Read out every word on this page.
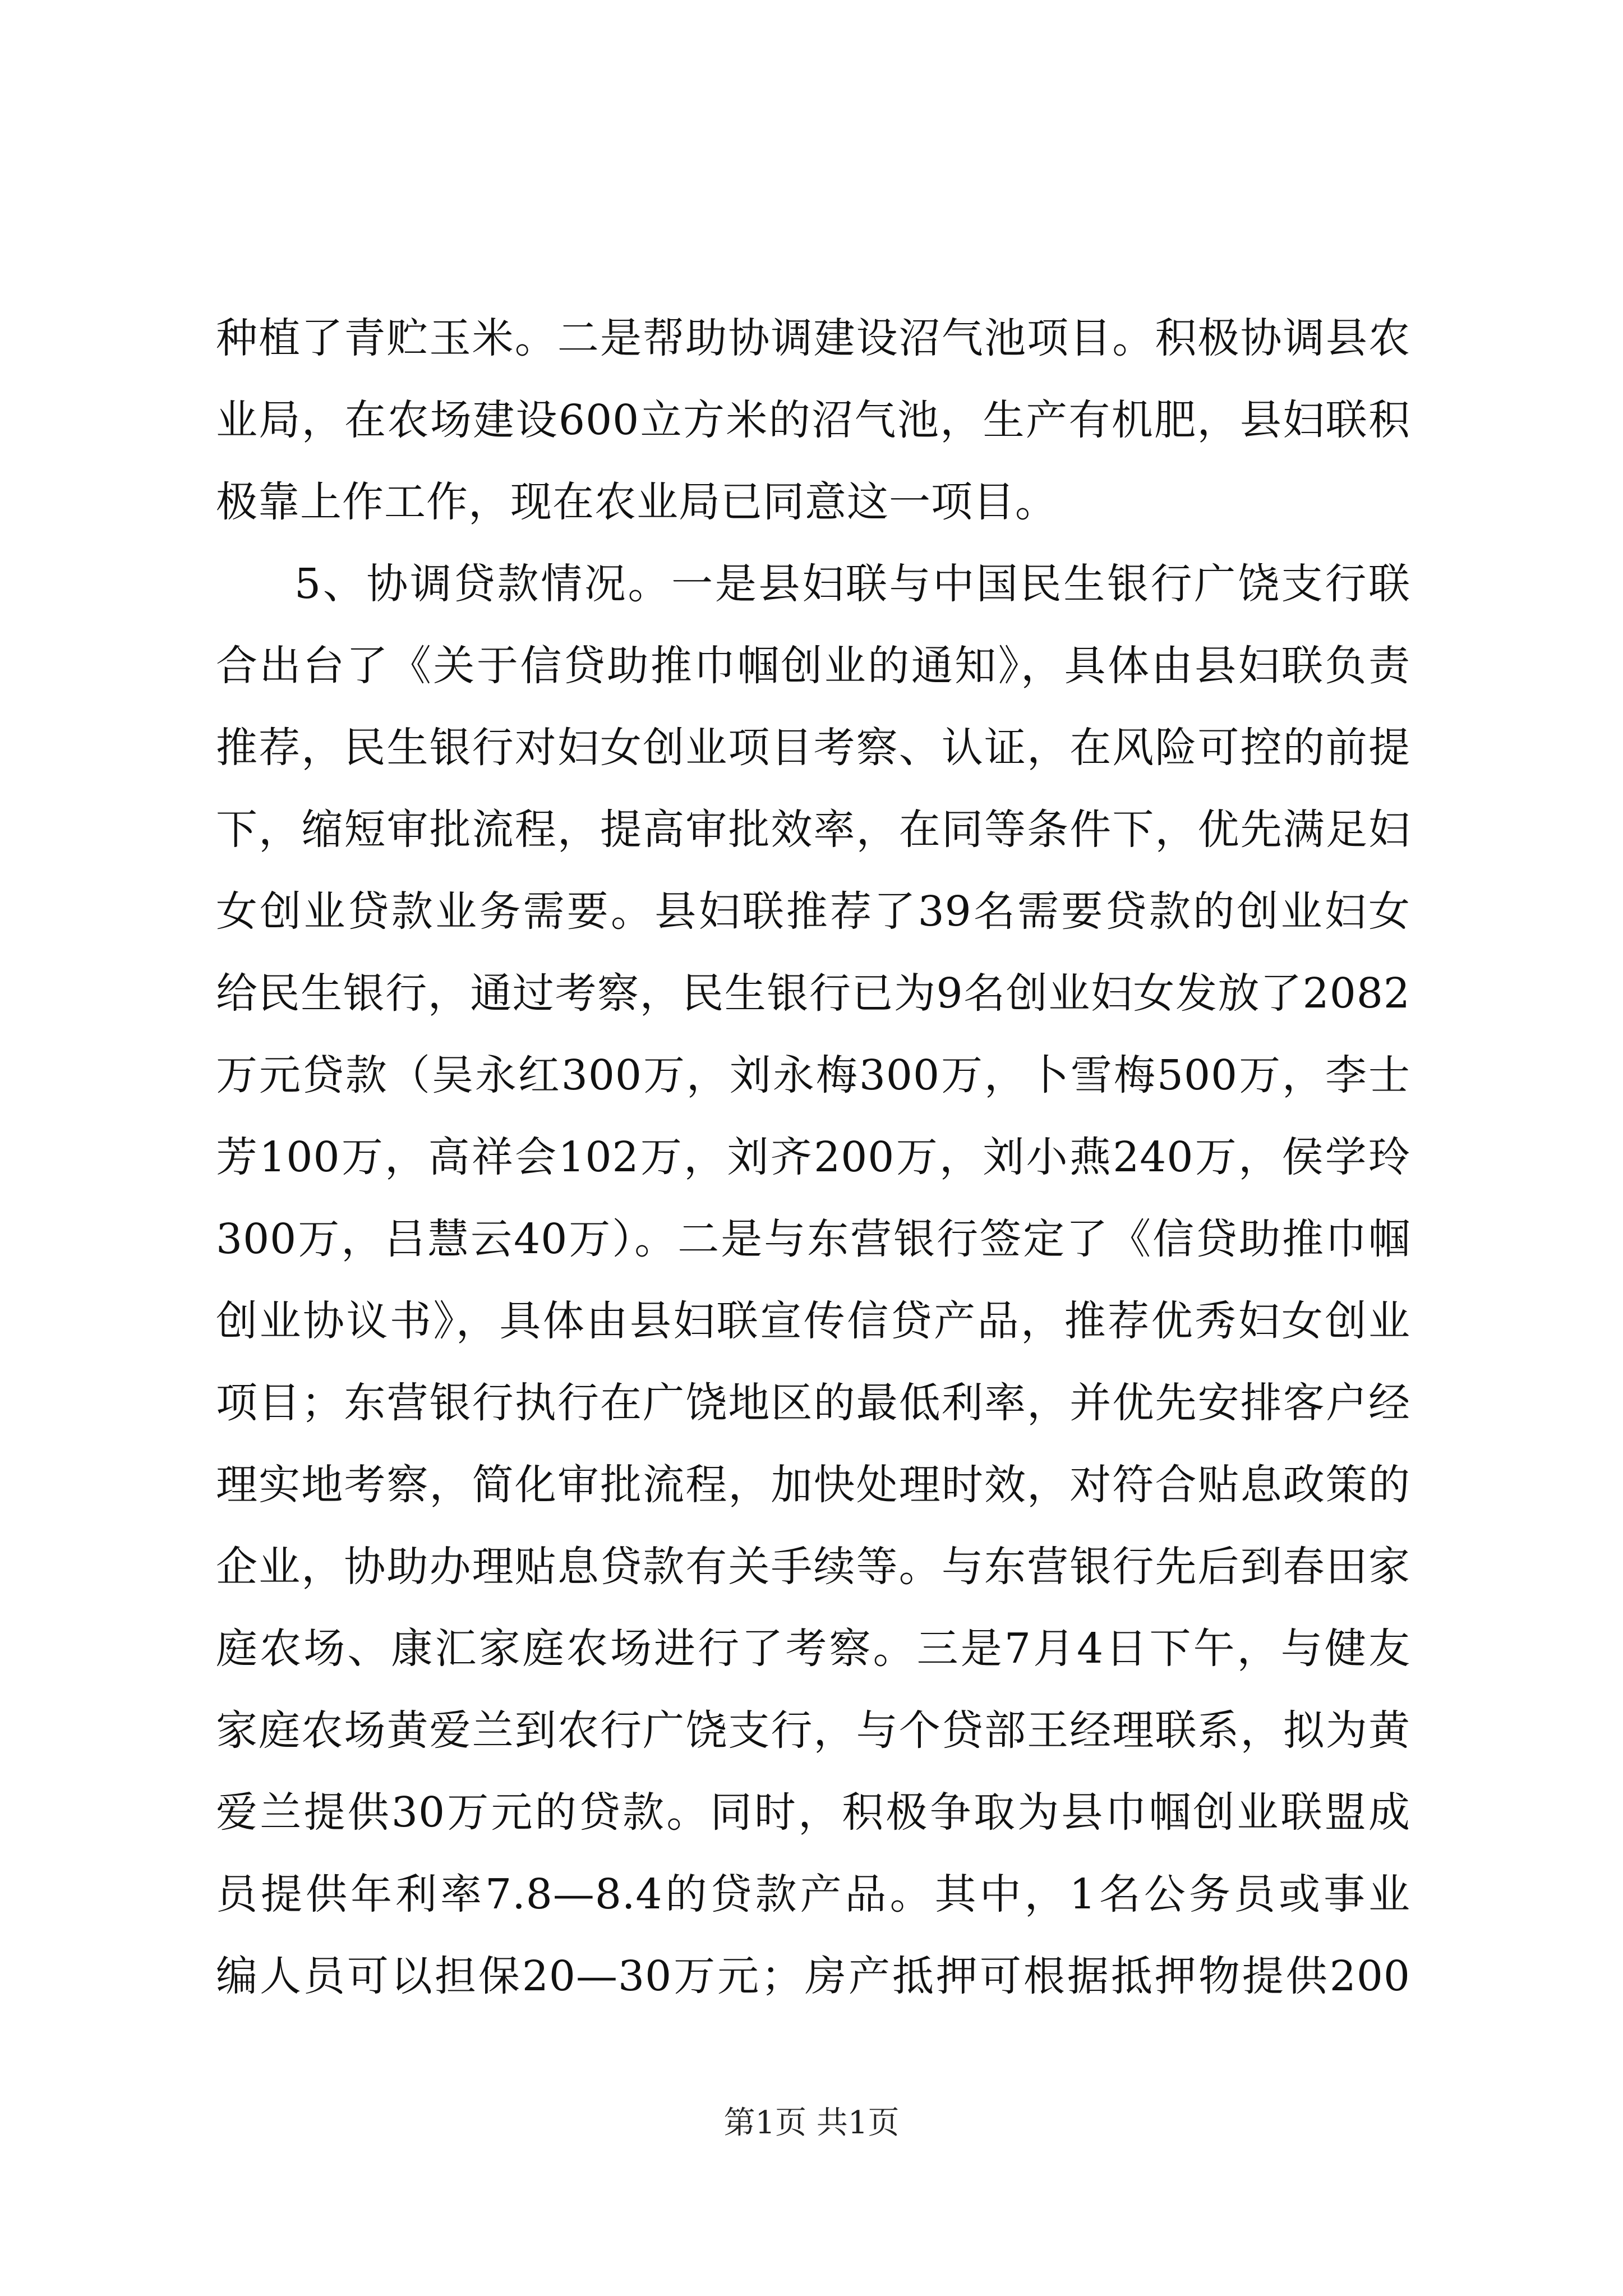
种植了青贮玉米。二是帮助协调建设沼气池项目。积极协调县农
业局，在农场建设600立方米的沼气池，生产有机肥，县妇联积
极靠上作工作，现在农业局已同意这一项目。
5、协调贷款情况。一是县妇联与中国民生银行广饶支行联
合出台了《关于信贷助推巾帼创业的通知》，具体由县妇联负责
推荐，民生银行对妇女创业项目考察、认证，在风险可控的前提
下，缩短审批流程，提高审批效率，在同等条件下，优先满足妇
女创业贷款业务需要。县妇联推荐了39名需要贷款的创业妇女
给民生银行，通过考察，民生银行已为9名创业妇女发放了2082
万元贷款（吴永红300万，刘永梅300万，卜雪梅500万，李士
芳100万，高祥会102万，刘齐200万，刘小燕240万，侯学玲
300万，吕慧云40万）。二是与东营银行签定了《信贷助推巾帼
创业协议书》，具体由县妇联宣传信贷产品，推荐优秀妇女创业
项目；东营银行执行在广饶地区的最低利率，并优先安排客户经
理实地考察，简化审批流程，加快处理时效，对符合贴息政策的
企业，协助办理贴息贷款有关手续等。与东营银行先后到春田家
庭农场、康汇家庭农场进行了考察。三是7月4日下午，与健友
家庭农场黄爱兰到农行广饶支行，与个贷部王经理联系，拟为黄
爱兰提供30万元的贷款。同时，积极争取为县巾帼创业联盟成
员提供年利率7.8—8.4的贷款产品。其中，1名公务员或事业
编人员可以担保20—30万元；房产抵押可根据抵押物提供200
第1页 共1页
